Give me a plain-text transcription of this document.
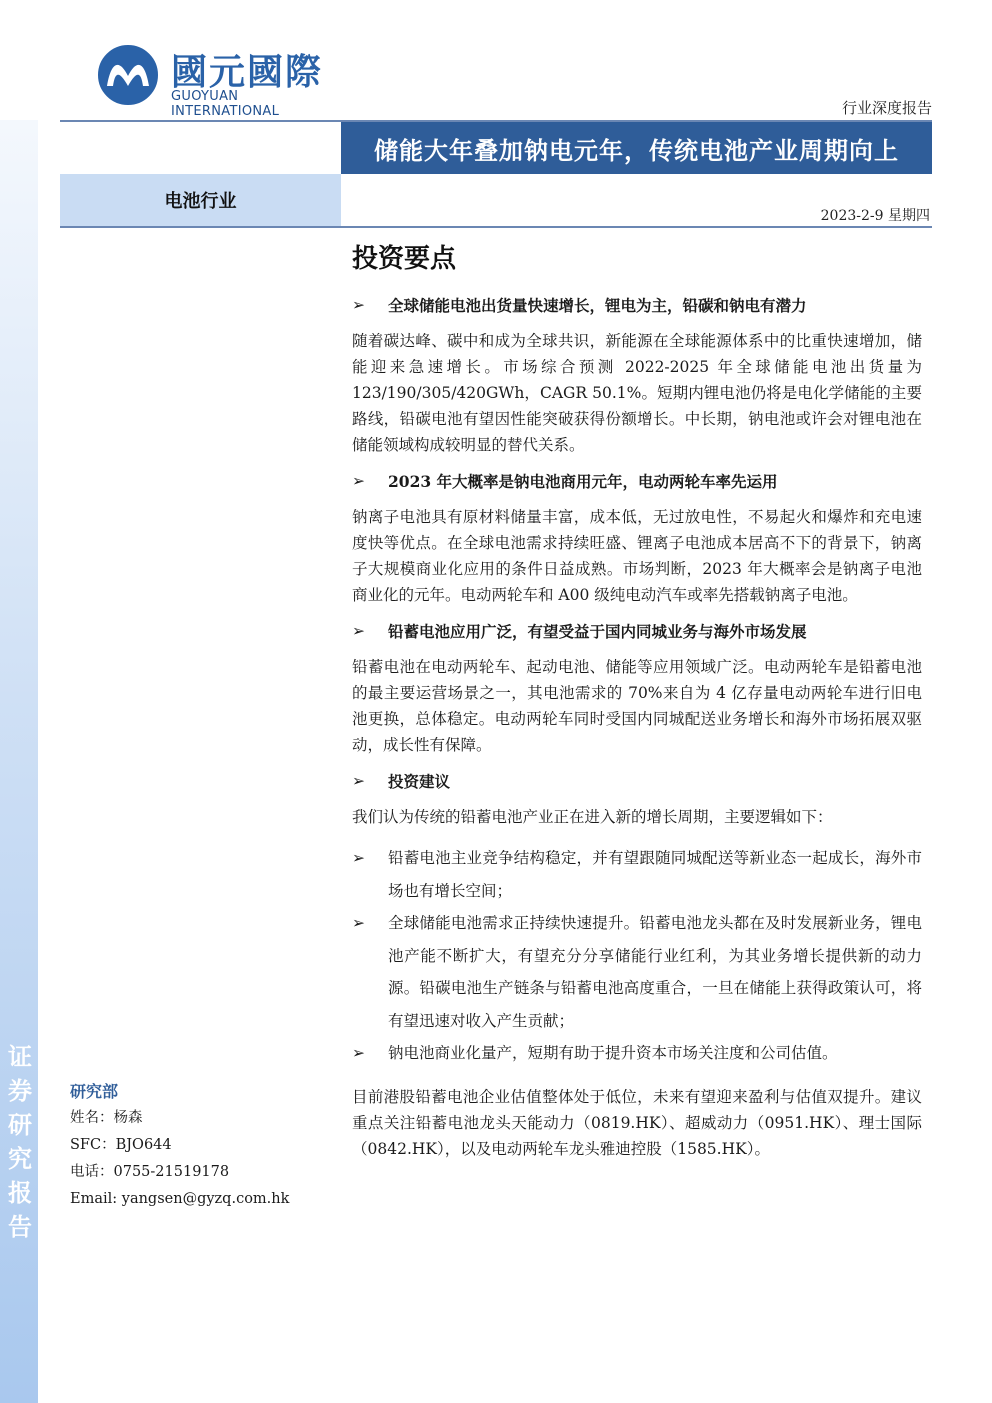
证
券
研
究
报
告
國元國際
GUOYUAN INTERNATIONAL	行业深度报告
储能大年叠加钠电元年，传统电池产业周期向上
电池行业
2023-2-9 星期四
投资要点
➢	全球储能电池出货量快速增长，锂电为主，铅碳和钠电有潜力

随着碳达峰、碳中和成为全球共识，新能源在全球能源体系中的比重快速增加，储能迎来急速增长。市场综合预测 2022-2025 年全球储能电池出货量为 123/190/305/420GWh，CAGR 50.1%。短期内锂电池仍将是电化学储能的主要路线，铅碳电池有望因性能突破获得份额增长。中长期，钠电池或许会对锂电池在储能领域构成较明显的替代关系。

➢	2023 年大概率是钠电池商用元年，电动两轮车率先运用

钠离子电池具有原材料储量丰富，成本低，无过放电性，不易起火和爆炸和充电速度快等优点。在全球电池需求持续旺盛、锂离子电池成本居高不下的背景下，钠离子大规模商业化应用的条件日益成熟。市场判断，2023 年大概率会是钠离子电池商业化的元年。电动两轮车和 A00 级纯电动汽车或率先搭载钠离子电池。

➢	铅蓄电池应用广泛，有望受益于国内同城业务与海外市场发展

铅蓄电池在电动两轮车、起动电池、储能等应用领域广泛。电动两轮车是铅蓄电池的最主要运营场景之一，其电池需求的 70%来自为 4 亿存量电动两轮车进行旧电池更换，总体稳定。电动两轮车同时受国内同城配送业务增长和海外市场拓展双驱动，成长性有保障。

➢	投资建议

我们认为传统的铅蓄电池产业正在进入新的增长周期，主要逻辑如下：

➢	铅蓄电池主业竞争结构稳定，并有望跟随同城配送等新业态一起成长，海外市场也有增长空间；
➢	全球储能电池需求正持续快速提升。铅蓄电池龙头都在及时发展新业务，锂电池产能不断扩大，有望充分分享储能行业红利，为其业务增长提供新的动力源。铅碳电池生产链条与铅蓄电池高度重合，一旦在储能上获得政策认可，将有望迅速对收入产生贡献；
➢	钠电池商业化量产，短期有助于提升资本市场关注度和公司估值。

目前港股铅蓄电池企业估值整体处于低位，未来有望迎来盈利与估值双提升。建议重点关注铅蓄电池龙头天能动力（0819.HK）、超威动力（0951.HK）、理士国际（0842.HK），以及电动两轮车龙头雅迪控股（1585.HK）。

研究部
姓名：杨森
SFC：BJO644
电话：0755-21519178
Email: yangsen@gyzq.com.hk
